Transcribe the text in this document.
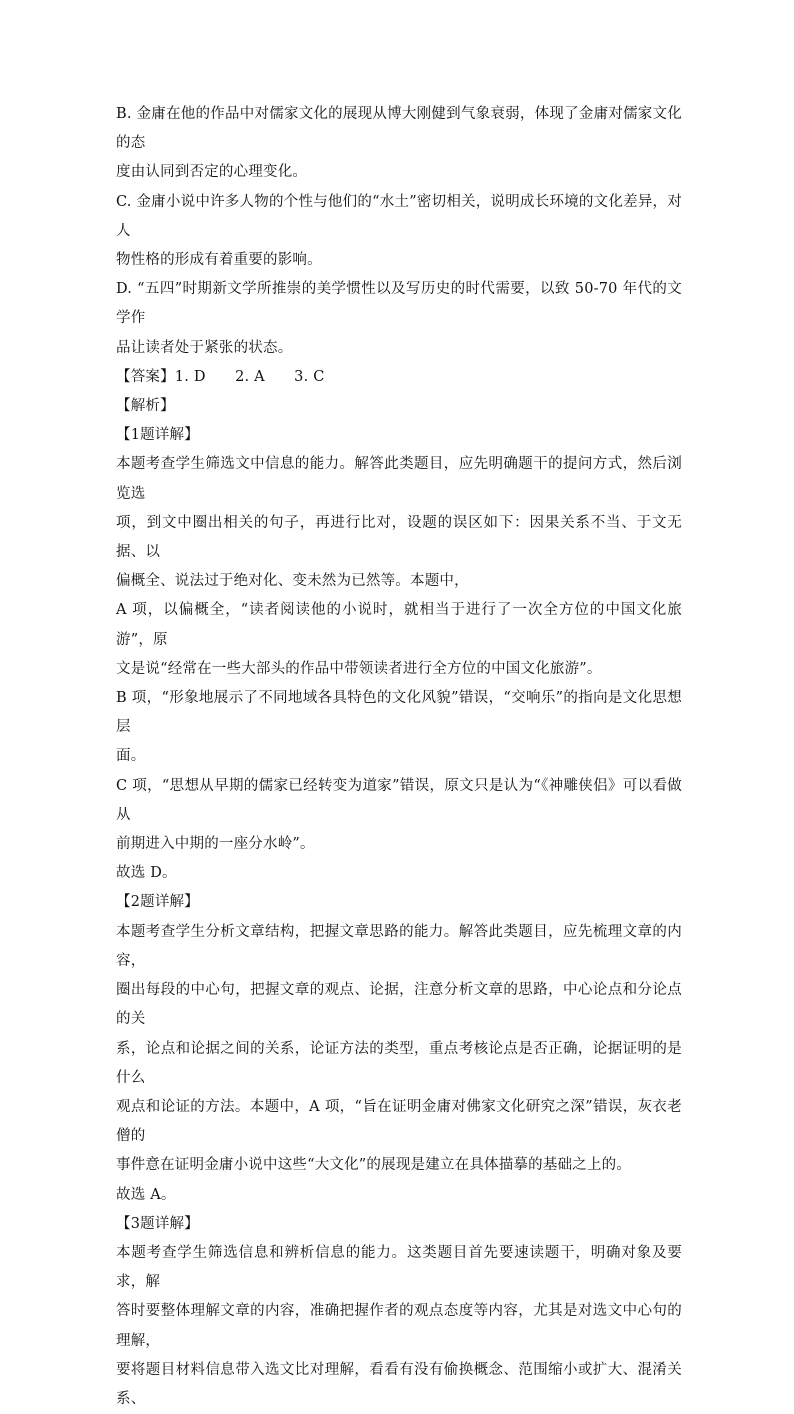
B. 金庸在他的作品中对儒家文化的展现从博大刚健到气象衰弱，体现了金庸对儒家文化的态

度由认同到否定的心理变化。

C. 金庸小说中许多人物的个性与他们的“水土”密切相关，说明成长环境的文化差异，对人

物性格的形成有着重要的影响。

D. “五四”时期新文学所推崇的美学惯性以及写历史的时代需要，以致 50-70 年代的文学作

品让读者处于紧张的状态。

【答案】1. D　　2. A　　3. C

【解析】

【1题详解】

本题考查学生筛选文中信息的能力。解答此类题目，应先明确题干的提问方式，然后浏览选

项，到文中圈出相关的句子，再进行比对，设题的误区如下：因果关系不当、于文无据、以

偏概全、说法过于绝对化、变未然为已然等。本题中，

A 项，以偏概全，“读者阅读他的小说时，就相当于进行了一次全方位的中国文化旅游”，原

文是说“经常在一些大部头的作品中带领读者进行全方位的中国文化旅游”。

B 项，“形象地展示了不同地域各具特色的文化风貌”错误，“交响乐”的指向是文化思想层

面。

C 项，“思想从早期的儒家已经转变为道家”错误，原文只是认为“《神雕侠侣》可以看做从

前期进入中期的一座分水岭”。

故选 D。

【2题详解】

本题考查学生分析文章结构，把握文章思路的能力。解答此类题目，应先梳理文章的内容，

圈出每段的中心句，把握文章的观点、论据，注意分析文章的思路，中心论点和分论点的关

系，论点和论据之间的关系，论证方法的类型，重点考核论点是否正确，论据证明的是什么

观点和论证的方法。本题中，A 项，“旨在证明金庸对佛家文化研究之深”错误，灰衣老僧的

事件意在证明金庸小说中这些“大文化”的展现是建立在具体描摹的基础之上的。

故选 A。

【3题详解】

本题考查学生筛选信息和辨析信息的能力。这类题目首先要速读题干，明确对象及要求，解

答时要整体理解文章的内容，准确把握作者的观点态度等内容，尤其是对选文中心句的理解，

要将题目材料信息带入选文比对理解，看看有没有偷换概念、范围缩小或扩大、混淆关系、
